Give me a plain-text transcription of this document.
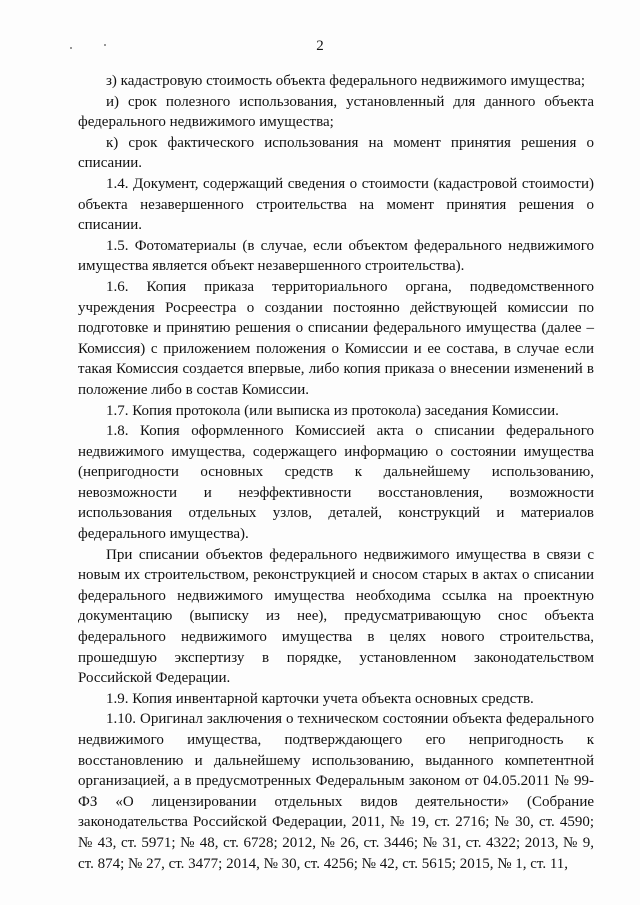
2

з) кадастровую стоимость объекта федерального недвижимого имущества;

и) срок полезного использования, установленный для данного объекта федерального недвижимого имущества;

к) срок фактического использования на момент принятия решения о списании.

1.4. Документ, содержащий сведения о стоимости (кадастровой стоимости) объекта незавершенного строительства на момент принятия решения о списании.

1.5. Фотоматериалы (в случае, если объектом федерального недвижимого имущества является объект незавершенного строительства).

1.6. Копия приказа территориального органа, подведомственного учреждения Росреестра о создании постоянно действующей комиссии по подготовке и принятию решения о списании федерального имущества (далее – Комиссия) с приложением положения о Комиссии и ее состава, в случае если такая Комиссия создается впервые, либо копия приказа о внесении изменений в положение либо в состав Комиссии.

1.7. Копия протокола (или выписка из протокола) заседания Комиссии.

1.8. Копия оформленного Комиссией акта о списании федерального недвижимого имущества, содержащего информацию о состоянии имущества (непригодности основных средств к дальнейшему использованию, невозможности и неэффективности восстановления, возможности использования отдельных узлов, деталей, конструкций и материалов федерального имущества).

При списании объектов федерального недвижимого имущества в связи с новым их строительством, реконструкцией и сносом старых в актах о списании федерального недвижимого имущества необходима ссылка на проектную документацию (выписку из нее), предусматривающую снос объекта федерального недвижимого имущества в целях нового строительства, прошедшую экспертизу в порядке, установленном законодательством Российской Федерации.

1.9. Копия инвентарной карточки учета объекта основных средств.

1.10. Оригинал заключения о техническом состоянии объекта федерального недвижимого имущества, подтверждающего его непригодность к восстановлению и дальнейшему использованию, выданного компетентной организацией, а в предусмотренных Федеральным законом от 04.05.2011 № 99-ФЗ «О лицензировании отдельных видов деятельности» (Собрание законодательства Российской Федерации, 2011, № 19, ст. 2716; № 30, ст. 4590; № 43, ст. 5971; № 48, ст. 6728; 2012, № 26, ст. 3446; № 31, ст. 4322; 2013, № 9, ст. 874; № 27, ст. 3477; 2014, № 30, ст. 4256; № 42, ст. 5615; 2015, № 1, ст. 11,
